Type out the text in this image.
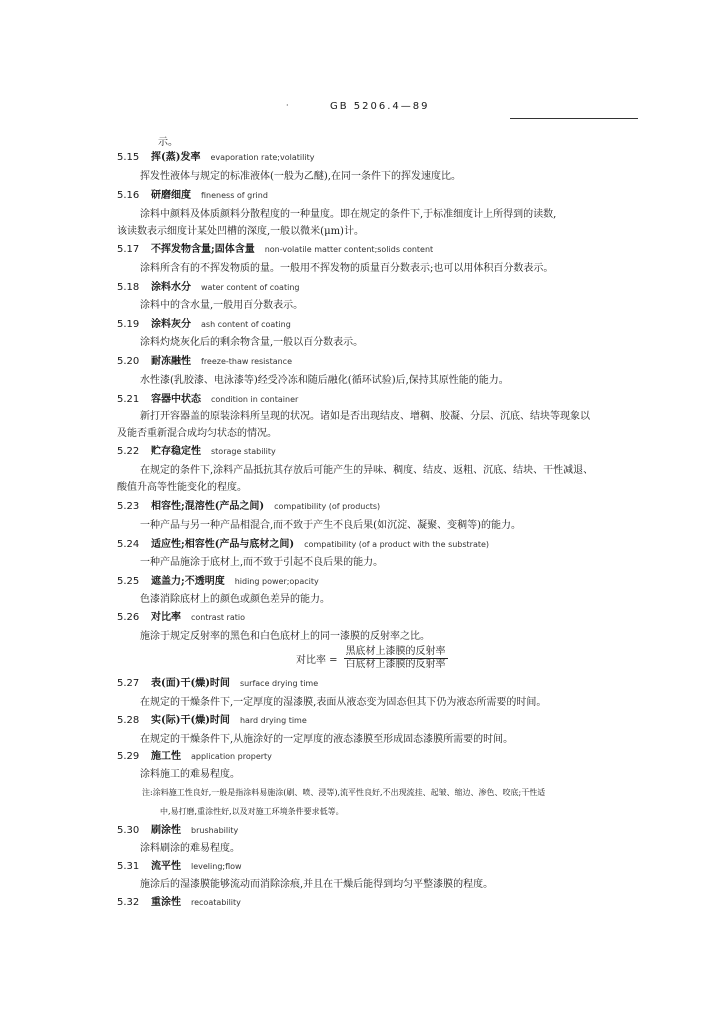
·	GB 5206.4—89
示。
5.15 挥(蒸)发率 evaporation rate;volatility
挥发性液体与规定的标准液体(一般为乙醚),在同一条件下的挥发速度比。
5.16 研磨细度 fineness of grind
涂料中颜料及体质颜料分散程度的一种量度。即在规定的条件下,于标准细度计上所得到的读数,
该读数表示细度计某处凹槽的深度,一般以微米(μm)计。
5.17 不挥发物含量;固体含量 non-volatile matter content;solids content
涂料所含有的不挥发物质的量。一般用不挥发物的质量百分数表示;也可以用体积百分数表示。
5.18 涂料水分 water content of coating
涂料中的含水量,一般用百分数表示。
5.19 涂料灰分 ash content of coating
涂料灼烧灰化后的剩余物含量,一般以百分数表示。
5.20 耐冻融性 freeze-thaw resistance
水性漆(乳胶漆、电泳漆等)经受冷冻和随后融化(循环试验)后,保持其原性能的能力。
5.21 容器中状态 condition in container
新打开容器盖的原装涂料所呈现的状况。诸如是否出现结皮、增稠、胶凝、分层、沉底、结块等现象以
及能否重新混合成均匀状态的情况。
5.22 贮存稳定性 storage stability
在规定的条件下,涂料产品抵抗其存放后可能产生的异味、稠度、结皮、返粗、沉底、结块、干性减退、
酸值升高等性能变化的程度。
5.23 相容性;混溶性(产品之间) compatibility (of products)
一种产品与另一种产品相混合,而不致于产生不良后果(如沉淀、凝聚、变稠等)的能力。
5.24 适应性;相容性(产品与底材之间) compatibility (of a product with the substrate)
一种产品施涂于底材上,而不致于引起不良后果的能力。
5.25 遮盖力;不透明度 hiding power;opacity
色漆消除底材上的颜色或颜色差异的能力。
5.26 对比率 contrast ratio
施涂于规定反射率的黑色和白色底材上的同一漆膜的反射率之比。
5.27 表(面)干(燥)时间 surface drying time
在规定的干燥条件下,一定厚度的湿漆膜,表面从液态变为固态但其下仍为液态所需要的时间。
5.28 实(际)干(燥)时间 hard drying time
在规定的干燥条件下,从施涂好的一定厚度的液态漆膜至形成固态漆膜所需要的时间。
5.29 施工性 application property
涂料施工的难易程度。
注:涂料施工性良好,一般是指涂料易施涂(刷、喷、浸等),流平性良好,不出现流挂、起皱、缩边、渗色、咬底;干性适
中,易打磨,重涂性好,以及对施工环境条件要求低等。
5.30 刷涂性 brushability
涂料刷涂的难易程度。
5.31 流平性 leveling;flow
施涂后的湿漆膜能够流动而消除涂痕,并且在干燥后能得到均匀平整漆膜的程度。
5.32 重涂性 recoatability
对比率 = $\frac{\text{黑底材上漆膜的反射率}}{\text{白底材上漆膜的反射率}}$
